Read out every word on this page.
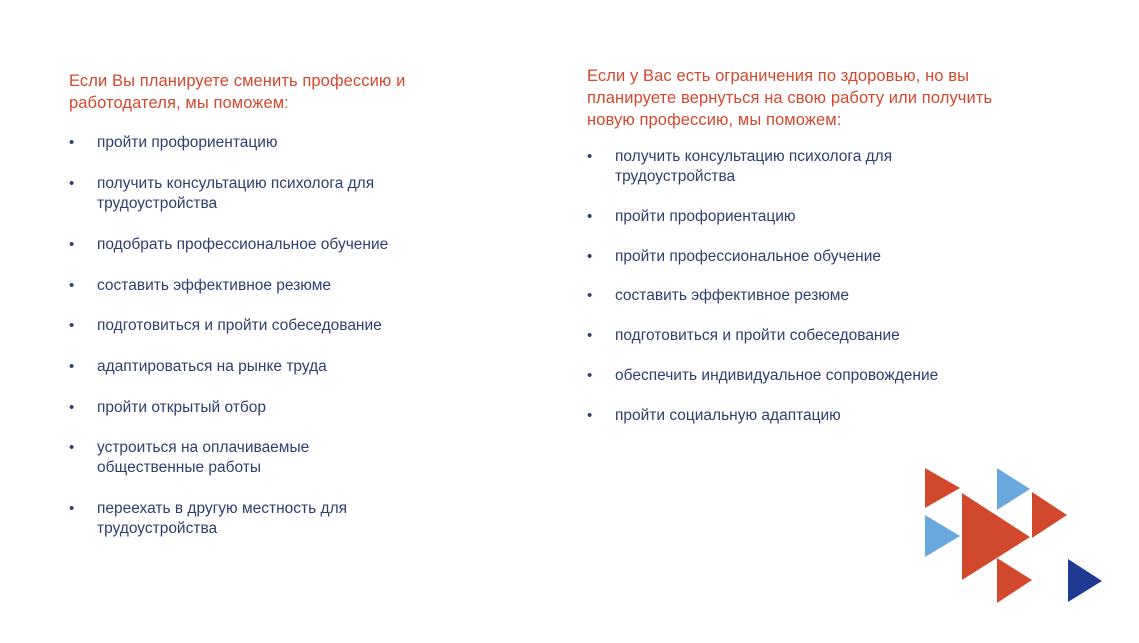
Если Вы планируете сменить профессию и работодателя, мы поможем:

•	пройти профориентацию
•	получить консультацию психолога для трудоустройства
•	подобрать профессиональное обучение
•	составить эффективное резюме
•	подготовиться и пройти собеседование
•	адаптироваться на рынке труда
•	пройти открытый отбор
•	устроиться на оплачиваемые общественные работы
•	переехать в другую местность для трудоустройства

Если у Вас есть ограничения по здоровью, но вы планируете вернуться на свою работу или получить новую профессию, мы поможем:

•	получить консультацию психолога для трудоустройства
•	пройти профориентацию
•	пройти профессиональное обучение
•	составить эффективное резюме
•	подготовиться и пройти собеседование
•	обеспечить индивидуальное сопровождение
•	пройти социальную адаптацию
